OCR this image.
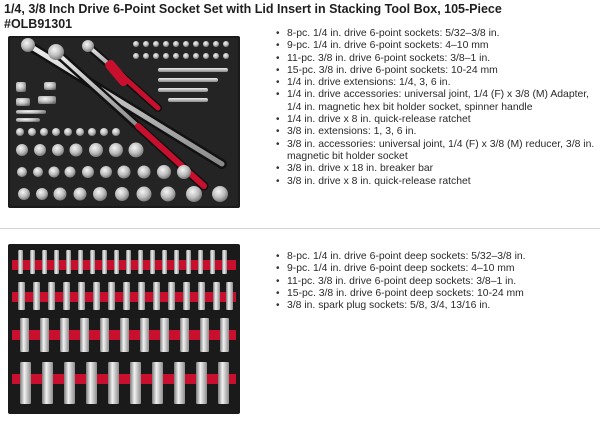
1/4, 3/8 Inch Drive 6-Point Socket Set with Lid Insert in Stacking Tool Box, 105-Piece
#OLB91301
• 8-pc. 1/4 in. drive 6-point sockets: 5/32–3/8 in.
• 9-pc. 1/4 in. drive 6-point sockets: 4–10 mm
• 11-pc. 3/8 in. drive 6-point sockets: 3/8–1 in.
• 15-pc. 3/8 in. drive 6-point sockets: 10-24 mm
• 1/4 in. drive extensions: 1/4, 3, 6 in.
• 1/4 in. drive accessories: universal joint, 1/4 (F) x 3/8 (M) Adapter, 1/4 in. magnetic hex bit holder socket, spinner handle
• 1/4 in. drive x 8 in. quick-release ratchet
• 3/8 in. extensions: 1, 3, 6 in.
• 3/8 in. accessories: universal joint, 1/4 (F) x 3/8 (M) reducer, 3/8 in. magnetic bit holder socket
• 3/8 in. drive x 18 in. breaker bar
• 3/8 in. drive x 8 in. quick-release ratchet
• 8-pc. 1/4 in. drive 6-point deep sockets: 5/32–3/8 in.
• 9-pc. 1/4 in. drive 6-point deep sockets: 4–10 mm
• 11-pc. 3/8 in. drive 6-point deep sockets: 3/8–1 in.
• 15-pc. 3/8 in. drive 6-point deep sockets: 10-24 mm
• 3/8 in. spark plug sockets: 5/8, 3/4, 13/16 in.
